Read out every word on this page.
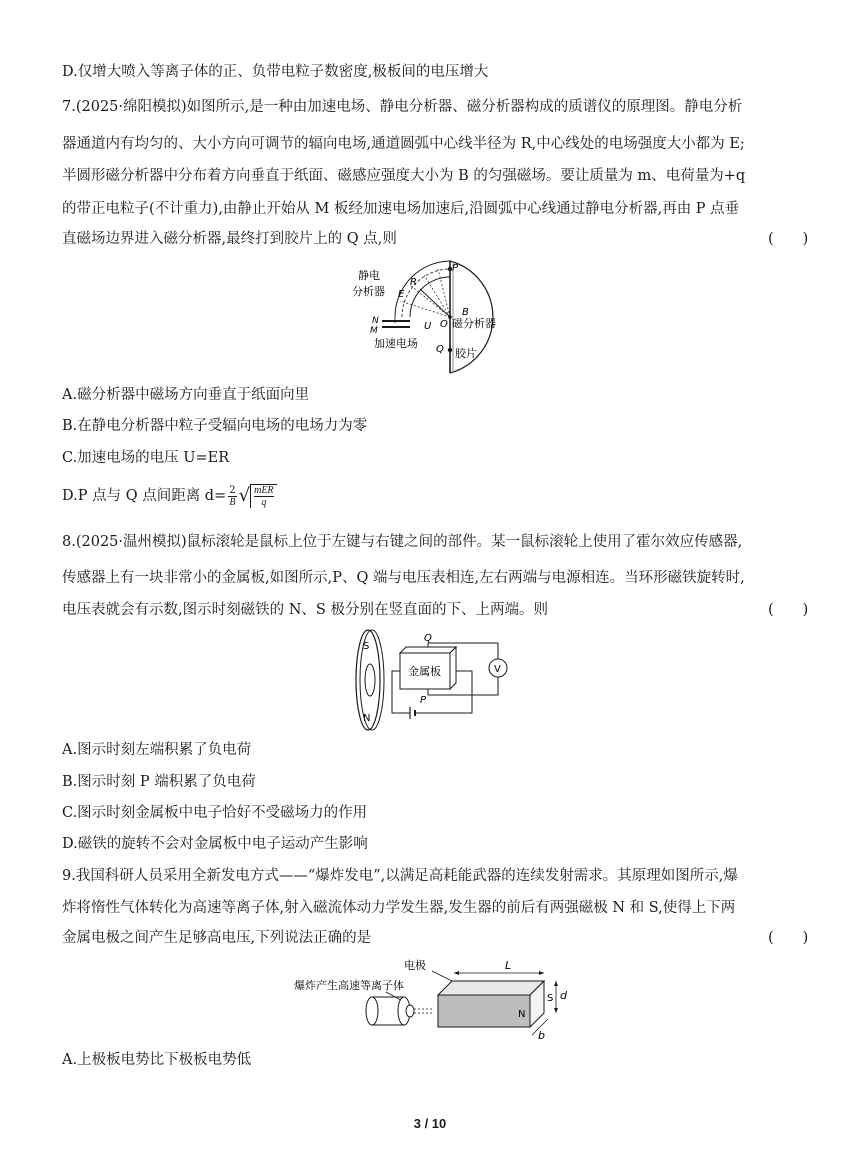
D.仅增大喷入等离子体的正、负带电粒子数密度,极板间的电压增大
7.(2025·绵阳模拟)如图所示,是一种由加速电场、静电分析器、磁分析器构成的质谱仪的原理图。静电分析
器通道内有均匀的、大小方向可调节的辐向电场,通道圆弧中心线半径为 R,中心线处的电场强度大小都为 E;
半圆形磁分析器中分布着方向垂直于纸面、磁感应强度大小为 B 的匀强磁场。要让质量为 m、电荷量为+q
的带正电粒子(不计重力),由静止开始从 M 板经加速电场加速后,沿圆弧中心线通过静电分析器,再由 P 点垂
直磁场边界进入磁分析器,最终打到胶片上的 Q 点,则	(　　)
静电
分析器
磁分析器
加速电场
胶片
P
Q
O
B
R
E
N
M	U
A.磁分析器中磁场方向垂直于纸面向里
B.在静电分析器中粒子受辐向电场的电场力为零
C.加速电场的电压 U=ER
D.P 点与 Q 点间距离 $d= \frac{2}{B}$ √ mER
q
8.(2025·温州模拟)鼠标滚轮是鼠标上位于左键与右键之间的部件。某一鼠标滚轮上使用了霍尔效应传感器,
传感器上有一块非常小的金属板,如图所示,P、Q 端与电压表相连,左右两端与电源相连。当环形磁铁旋转时,
电压表就会有示数,图示时刻磁铁的 N、S 极分别在竖直面的下、上两端。则	(　　)
S
N
金属板
Q
V
P
A.图示时刻左端积累了负电荷
B.图示时刻 P 端积累了负电荷
C.图示时刻金属板中电子恰好不受磁场力的作用
D.磁铁的旋转不会对金属板中电子运动产生影响
9.我国科研人员采用全新发电方式——“爆炸发电”,以满足高耗能武器的连续发射需求。其原理如图所示,爆
炸将惰性气体转化为高速等离子体,射入磁流体动力学发生器,发生器的前后有两强磁极 N 和 S,使得上下两
金属电极之间产生足够高电压,下列说法正确的是	(　　)
电极
爆炸产生高速等离子体
L
d
S
N
b
A.上极板电势比下极板电势低
3 / 10
